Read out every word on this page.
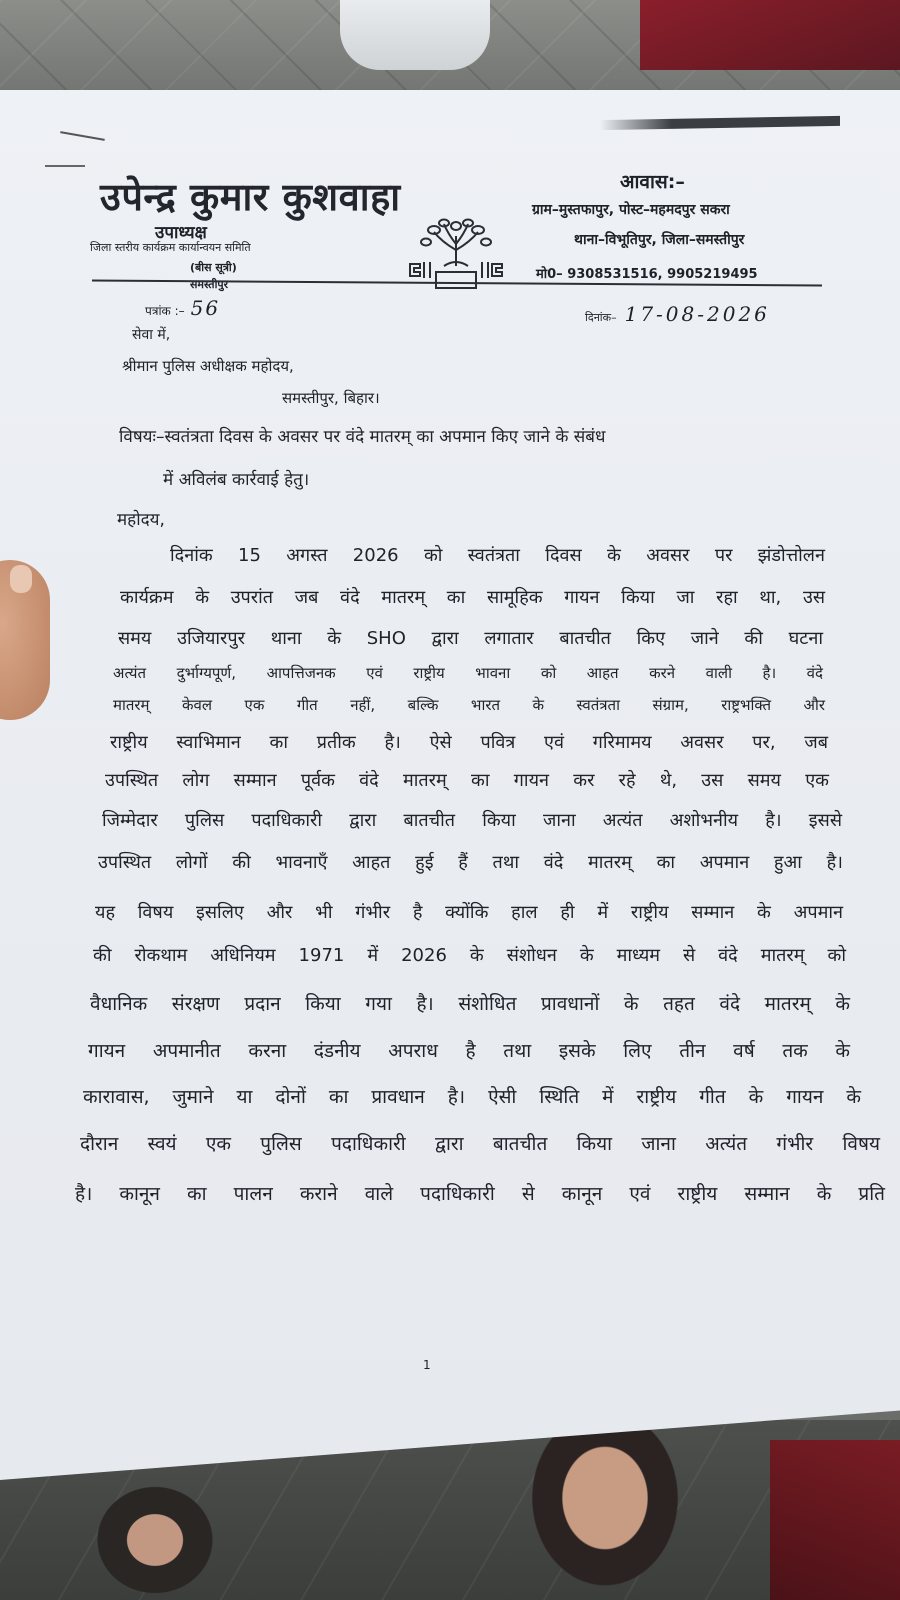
उपेन्द्र कुमार कुशवाहा
उपाध्यक्ष
जिला स्तरीय कार्यक्रम कार्यान्वयन समिति
(बीस सूत्री)
समस्तीपुर
आवास:–
ग्राम–मुस्तफापुर, पोस्ट–महमदपुर सकरा
थाना–विभूतिपुर, जिला–समस्तीपुर
मो0– 9308531516, 9905219495
पत्रांक :– 56	दिनांक– 17-08-2026
सेवा में,
श्रीमान पुलिस अधीक्षक महोदय,
समस्तीपुर, बिहार।
विषयः–स्वतंत्रता दिवस के अवसर पर वंदे मातरम् का अपमान किए जाने के संबंध
में अविलंब कार्रवाई हेतु।
महोदय,
दिनांक 15 अगस्त 2026 को स्वतंत्रता दिवस के अवसर पर झंडोत्तोलन
कार्यक्रम के उपरांत जब वंदे मातरम् का सामूहिक गायन किया जा रहा था, उस
समय उजियारपुर थाना के SHO द्वारा लगातार बातचीत किए जाने की घटना
अत्यंत दुर्भाग्यपूर्ण, आपत्तिजनक एवं राष्ट्रीय भावना को आहत करने वाली है। वंदे
मातरम् केवल एक गीत नहीं, बल्कि भारत के स्वतंत्रता संग्राम, राष्ट्रभक्ति और
राष्ट्रीय स्वाभिमान का प्रतीक है। ऐसे पवित्र एवं गरिमामय अवसर पर, जब
उपस्थित लोग सम्मान पूर्वक वंदे मातरम् का गायन कर रहे थे, उस समय एक
जिम्मेदार पुलिस पदाधिकारी द्वारा बातचीत किया जाना अत्यंत अशोभनीय है। इससे
उपस्थित लोगों की भावनाएँ आहत हुई हैं तथा वंदे मातरम् का अपमान हुआ है।
यह विषय इसलिए और भी गंभीर है क्योंकि हाल ही में राष्ट्रीय सम्मान के अपमान
की रोकथाम अधिनियम 1971 में 2026 के संशोधन के माध्यम से वंदे मातरम् को
वैधानिक संरक्षण प्रदान किया गया है। संशोधित प्रावधानों के तहत वंदे मातरम् के
गायन अपमानीत करना दंडनीय अपराध है तथा इसके लिए तीन वर्ष तक के
कारावास, जुमाने या दोनों का प्रावधान है। ऐसी स्थिति में राष्ट्रीय गीत के गायन के
दौरान स्वयं एक पुलिस पदाधिकारी द्वारा बातचीत किया जाना अत्यंत गंभीर विषय
है। कानून का पालन कराने वाले पदाधिकारी से कानून एवं राष्ट्रीय सम्मान के प्रति
1
